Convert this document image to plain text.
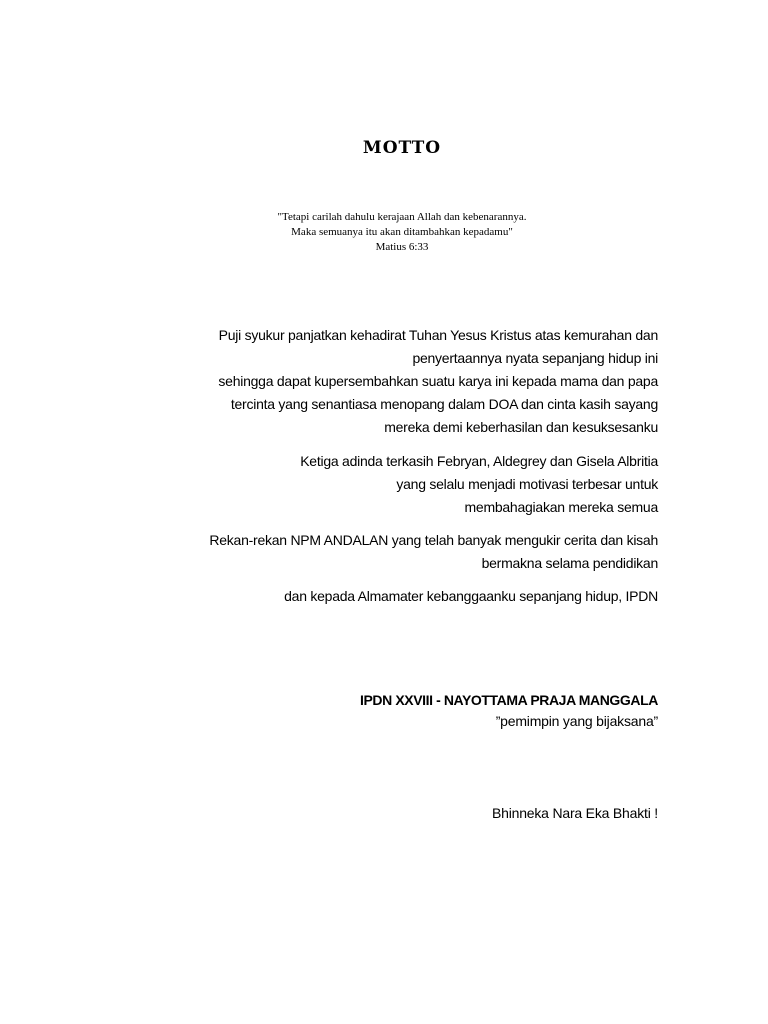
MOTTO
"Tetapi carilah dahulu kerajaan Allah dan kebenarannya.
Maka semuanya itu akan ditambahkan kepadamu"
Matius 6:33
Puji syukur panjatkan kehadirat Tuhan Yesus Kristus atas kemurahan dan
penyertaannya nyata sepanjang hidup ini
sehingga dapat kupersembahkan suatu karya ini kepada mama dan papa
tercinta yang senantiasa menopang dalam DOA dan cinta kasih sayang
mereka demi keberhasilan dan kesuksesanku
Ketiga adinda terkasih Febryan, Aldegrey dan Gisela Albritia
yang selalu menjadi motivasi terbesar untuk
membahagiakan mereka semua
Rekan-rekan NPM ANDALAN yang telah banyak mengukir cerita dan kisah
bermakna selama pendidikan
dan kepada Almamater kebanggaanku sepanjang hidup, IPDN
IPDN XXVIII - NAYOTTAMA PRAJA MANGGALA
”pemimpin yang bijaksana”
Bhinneka Nara Eka Bhakti !
